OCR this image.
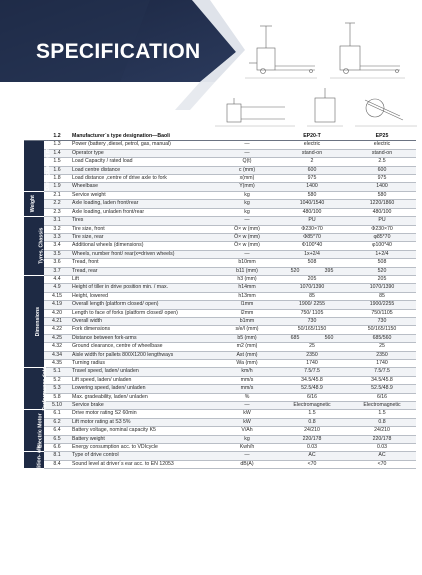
SPECIFICATION
	1.2	Manufacturer´s type designation—Baoli		EP20-T	EP25
Distinguishing mark	1.3	Power (battery ,diesel, petrol, gas, manual)	—	electric	electric
	1.4	Operator type	—	stand-on	stand-on
	1.5	Load Capacity / rated load	Q(t)	2	2.5
	1.6	Load centre distance	c (mm)	600	600
	1.8	Load distance ,centre of drive axle to fork	x(mm)	975	975
	1.9	Wheelbase	Y(mm)	1400	1400
Weight	2.1	Service weight	kg	580	580
	2.2	Axle loading, laden front/rear	kg	1040/1540	1220/1860
	2.3	Axle loading, unladen front/rear	kg	480/100	480/100
Tyres, Chassis	3.1	Tires	—	PU	PU
	3.2	Tire size, front	Ö× w (mm)	Φ230×70	Φ230×70
	3.3	Tire size, rear	Ö× w (mm)	Φ85*70	φ85*70
	3.4	Additional wheels (dimensions)	Ö× w (mm)	Φ100*40	φ100*40
	3.5	Wheels, number front/ rear(x=driven wheels)	—	1x+2/4	1+2/4
	3.6	Tread, front	b10mm	508	508
	3.7	Tread, rear	b11 (mm)	520 395	520
Dimensions	4.4	Lift	h3 (mm)	205	205
	4.9	Height of tiller in drive position min. / max.	h14mm	1070/1390	1070/1390
	4.15	Height, lowered	h13mm	85	85
	4.19	Overall length (platform closed/ open)	l1mm	1900/ 2255	1900/2255
	4.20	Length to face of forks (platform closed/ open)	l2mm	750/ 1105	750/1105
	4.21	Overall width	b1mm	730	730
	4.22	Fork dimensions	s/e/l (mm)	50/165/1150	50/165/1150
	4.25	Distance between fork-arms	b5 (mm)	685 560	685/560
	4.32	Ground clearance, centre of wheelbase	m2 (mm)	25	25
	4.34	Aisle width for pallets 800X1200 lengthways	Ast (mm)	2350	2350
	4.35	Turning radius	Wa (mm)	1740	1740
Performance data	5.1	Travel speed, laden/ unladen	km/h	7.5/7.5	7.5/7.5
	5.2	Lift speed, laden/ unladen	mm/s	34.5/45.8	34.5/45.8
	5.3	Lowering speed, laden/ unladen	mm/s	52.5/48.9	52.5/48.9
	5.8	Max. gradeability, laden/ unladen	%	6/16	6/16
	5.10	Service brake	—	Electromagnetic	Electromagnetic
Electric Motor	6.1	Drive motor rating S2 60min	kW	1.5	1.5
	6.2	Lift motor rating at S3 5%	kW	0.8	0.8
	6.4	Battery voltage, nominal capacity K5	V/Ah	24/210	24/210
	6.5	Battery weight	kg	220/178	220/178
	6.6	Energy consumption acc. to VDIcycle	Kwh/h	0.03	0.03
Addition- alls	8.1	Type of drive control	—	AC	AC
	8.4	Sound level at driver´s ear acc. to EN 12053	dB(A)	<70	<70
